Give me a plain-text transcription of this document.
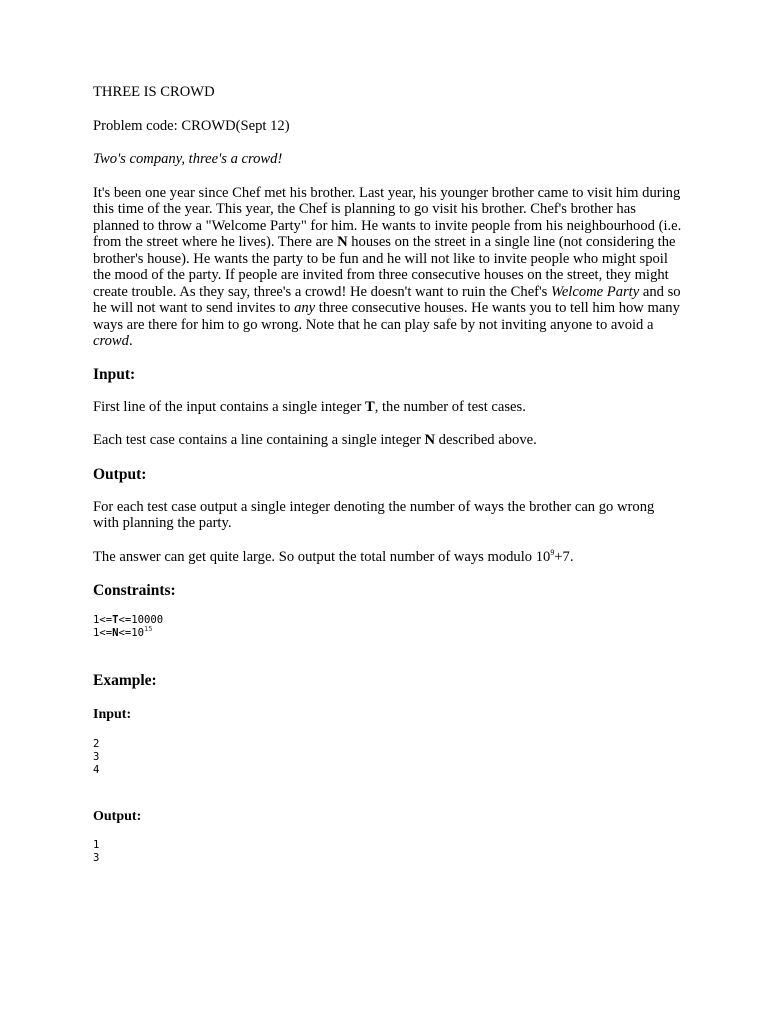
THREE IS CROWD

Problem code: CROWD(Sept 12)

Two's company, three's a crowd!

It's been one year since Chef met his brother. Last year, his younger brother came to visit him during this time of the year. This year, the Chef is planning to go visit his brother. Chef's brother has planned to throw a "Welcome Party" for him. He wants to invite people from his neighbourhood (i.e. from the street where he lives). There are N houses on the street in a single line (not considering the brother's house). He wants the party to be fun and he will not like to invite people who might spoil the mood of the party. If people are invited from three consecutive houses on the street, they might create trouble. As they say, three's a crowd! He doesn't want to ruin the Chef's Welcome Party and so he will not want to send invites to any three consecutive houses. He wants you to tell him how many ways are there for him to go wrong. Note that he can play safe by not inviting anyone to avoid a crowd.

Input:

First line of the input contains a single integer T, the number of test cases.

Each test case contains a line containing a single integer N described above.

Output:

For each test case output a single integer denoting the number of ways the brother can go wrong with planning the party.

The answer can get quite large. So output the total number of ways modulo $10^9+7$.

Constraints:
1<=T<=10000
$1<=N<=10^{15}$
Example:
Input:
2
3
4
Output:
1
3
